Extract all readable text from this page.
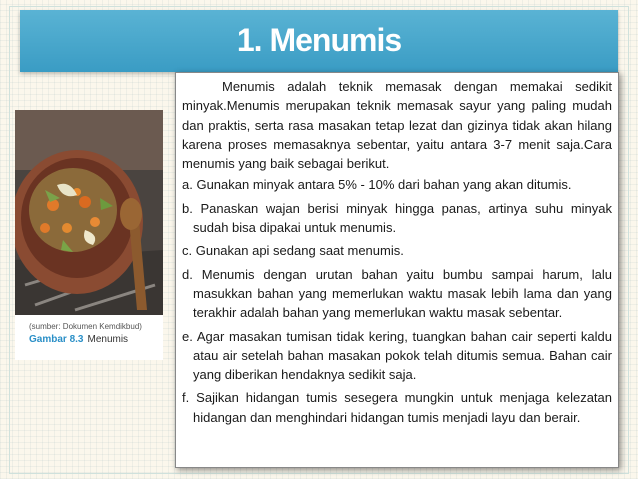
1. Menumis
(sumber: Dokumen Kemdikbud)
Gambar 8.3 Menumis

Menumis adalah teknik memasak dengan memakai sedikit minyak.Menumis merupakan teknik memasak sayur yang paling mudah dan praktis, serta rasa masakan tetap lezat dan gizinya tidak akan hilang karena proses memasaknya sebentar, yaitu antara 3-7 menit saja.Cara menumis yang baik sebagai berikut.

a. Gunakan minyak antara 5% - 10% dari bahan yang akan ditumis.

b. Panaskan wajan berisi minyak hingga panas, artinya suhu minyak sudah bisa dipakai untuk menumis.

c. Gunakan api sedang saat menumis.

d. Menumis dengan urutan bahan yaitu bumbu sampai harum, lalu masukkan bahan yang memerlukan waktu masak lebih lama dan yang terakhir adalah bahan yang memerlukan waktu masak sebentar.

e. Agar masakan tumisan tidak kering, tuangkan bahan cair seperti kaldu atau air setelah bahan masakan pokok telah ditumis semua. Bahan cair yang diberikan hendaknya sedikit saja.

f. Sajikan hidangan tumis sesegera mungkin untuk menjaga kelezatan hidangan dan menghindari hidangan tumis menjadi layu dan berair.
